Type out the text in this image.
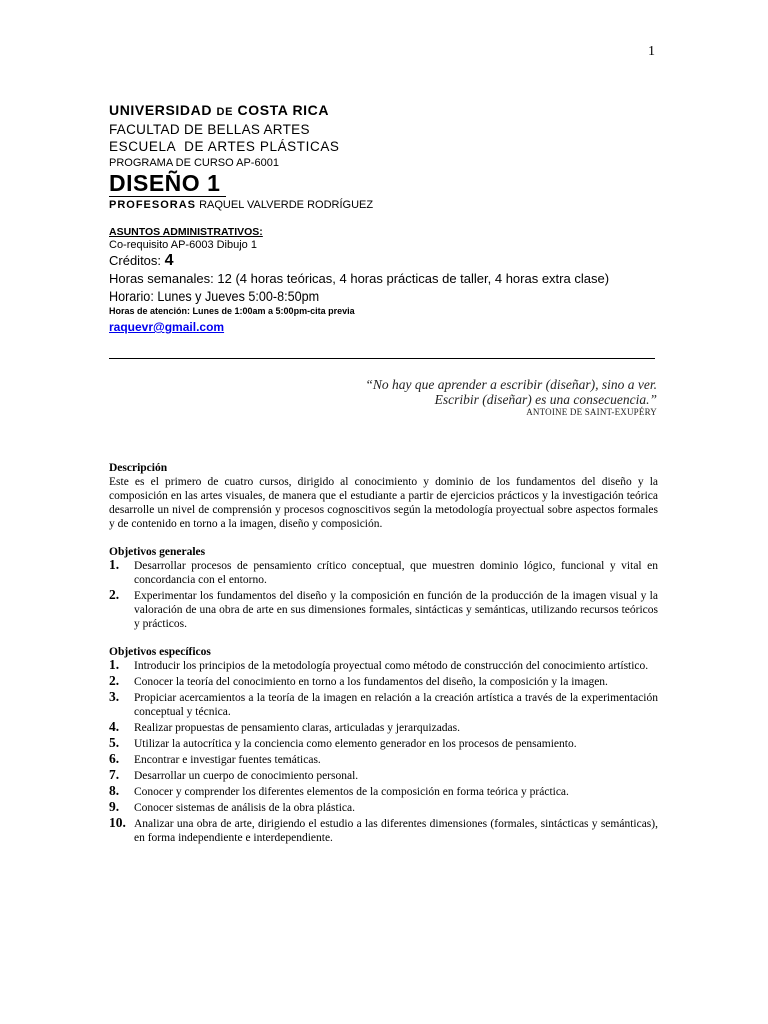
1
UNIVERSIDAD DE COSTA RICA
FACULTAD DE BELLAS ARTES
ESCUELA  DE ARTES PLÁSTICAS
PROGRAMA DE CURSO AP-6001
DISEÑO 1
PROFESORAS RAQUEL VALVERDE RODRÍGUEZ
ASUNTOS ADMINISTRATIVOS:
Co-requisito AP-6003 Dibujo 1
Créditos: 4
Horas semanales: 12 (4 horas teóricas, 4 horas prácticas de taller, 4 horas extra clase)
Horario: Lunes y Jueves 5:00-8:50pm
Horas de atención: Lunes de 1:00am a 5:00pm-cita previa
raquevr@gmail.com
“No hay que aprender a escribir (diseñar), sino a ver.
Escribir (diseñar) es una consecuencia.”
ANTOINE DE SAINT-EXUPÉRY
Descripción
Este es el primero de cuatro cursos, dirigido al conocimiento y dominio de los fundamentos del diseño y la composición en las artes visuales, de manera que el estudiante a partir de ejercicios prácticos y la investigación teórica desarrolle un nivel de comprensión y procesos cognoscitivos según la metodología proyectual sobre aspectos formales y de contenido en torno a la imagen, diseño y composición.
Objetivos generales
1. Desarrollar procesos de pensamiento crítico conceptual, que muestren dominio lógico, funcional y vital en concordancia con el entorno.
2. Experimentar los fundamentos del diseño y la composición en función de la producción de la imagen visual y la valoración de una obra de arte en sus dimensiones formales, sintácticas y semánticas, utilizando recursos teóricos y prácticos.
Objetivos específicos
1. Introducir los principios de la metodología proyectual como método de construcción del conocimiento artístico.
2. Conocer la teoría del conocimiento en torno a los fundamentos del diseño, la composición y la imagen.
3. Propiciar acercamientos a la teoría de la imagen en relación a la creación artística a través de la experimentación conceptual y técnica.
4. Realizar propuestas de pensamiento claras, articuladas y jerarquizadas.
5. Utilizar la autocrítica y la conciencia como elemento generador en los procesos de pensamiento.
6. Encontrar e investigar fuentes temáticas.
7. Desarrollar un cuerpo de conocimiento personal.
8. Conocer y comprender los diferentes elementos de la composición en forma teórica y práctica.
9. Conocer sistemas de análisis de la obra plástica.
10. Analizar una obra de arte, dirigiendo el estudio a las diferentes dimensiones (formales, sintácticas y semánticas), en forma independiente e interdependiente.
